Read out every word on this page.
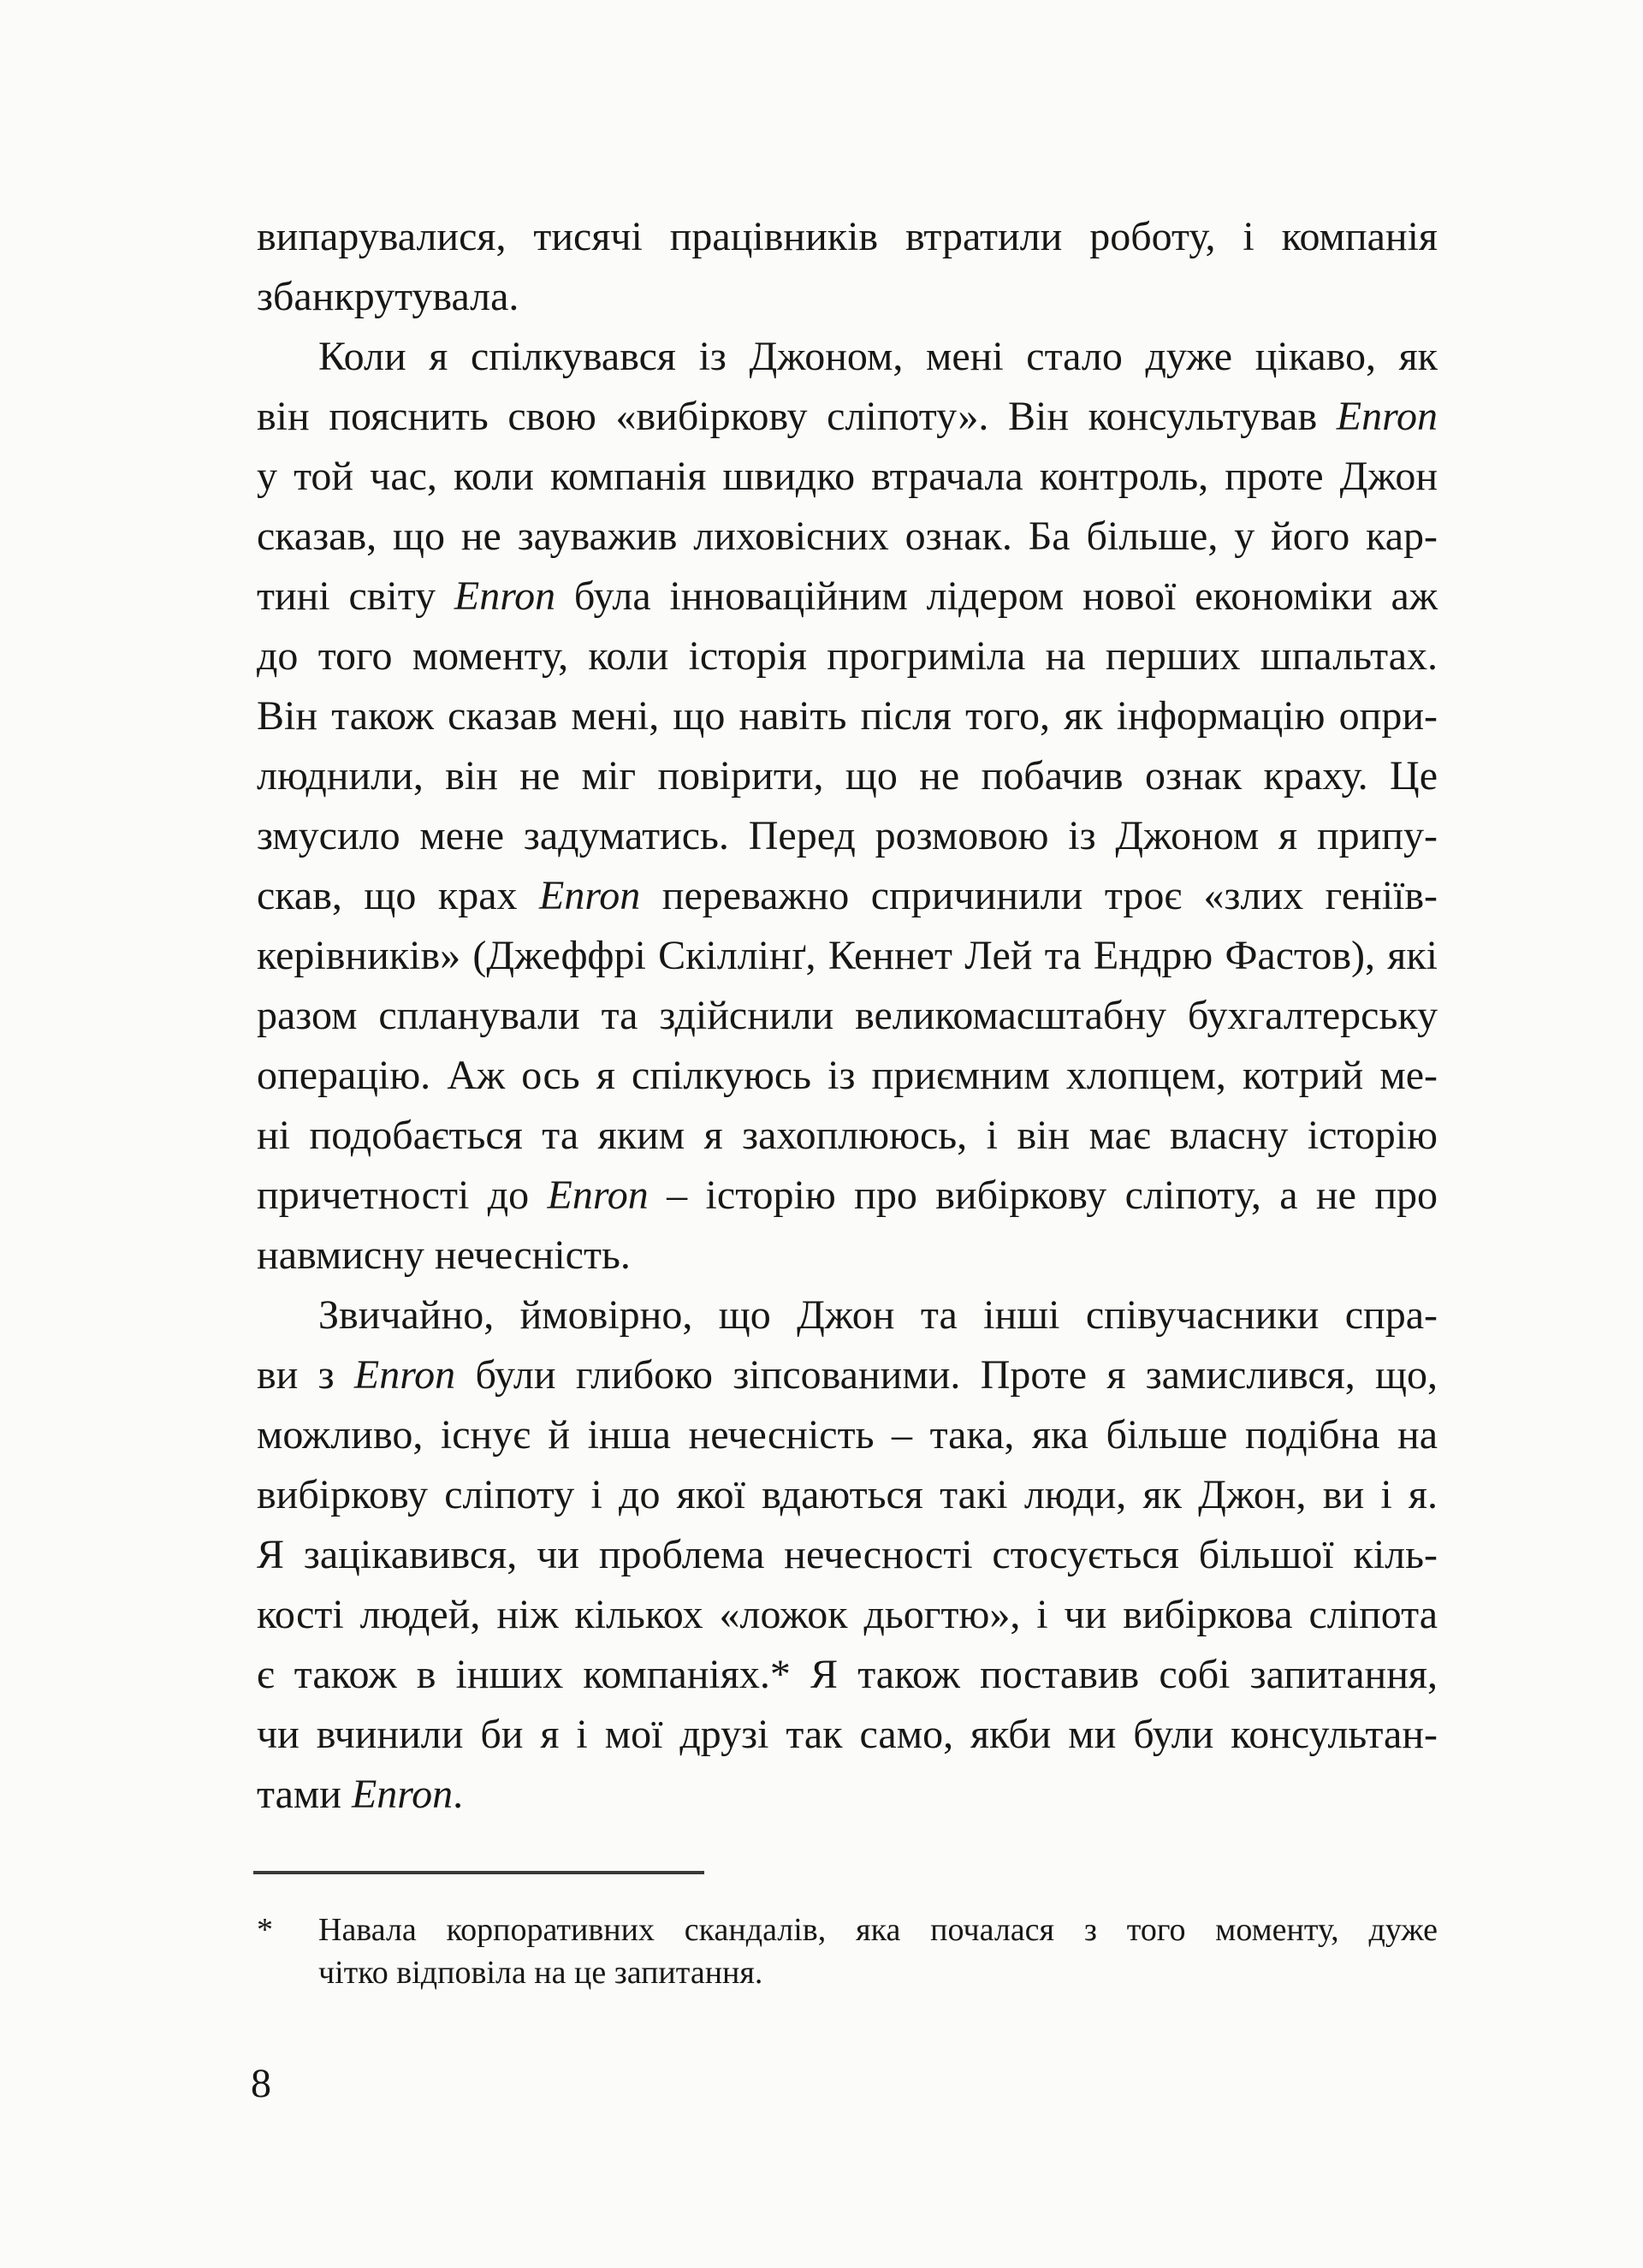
випарувалися, тисячі працівників втратили роботу, і компанія
збанкрутувала.
Коли я спілкувався із Джоном, мені стало дуже цікаво, як
він пояснить свою «вибіркову сліпоту». Він консультував Enron
у той час, коли компанія швидко втрачала контроль, проте Джон
сказав, що не зауважив лиховісних ознак. Ба більше, у його кар-
тині світу Enron була інноваційним лідером нової економіки аж
до того моменту, коли історія прогриміла на перших шпальтах.
Він також сказав мені, що навіть після того, як інформацію опри-
люднили, він не міг повірити, що не побачив ознак краху. Це
змусило мене задуматись. Перед розмовою із Джоном я припу-
скав, що крах Enron переважно спричинили троє «злих геніїв-
керівників» (Джеффрі Скіллінґ, Кеннет Лей та Ендрю Фастов), які
разом спланували та здійснили великомасштабну бухгалтерську
операцію. Аж ось я спілкуюсь із приємним хлопцем, котрий ме-
ні подобається та яким я захоплююсь, і він має власну історію
причетності до Enron – історію про вибіркову сліпоту, а не про
навмисну нечесність.
Звичайно, ймовірно, що Джон та інші співучасники спра-
ви з Enron були глибоко зіпсованими. Проте я замислився, що,
можливо, існує й інша нечесність – така, яка більше подібна на
вибіркову сліпоту і до якої вдаються такі люди, як Джон, ви і я.
Я зацікавився, чи проблема нечесності стосується більшої кіль-
кості людей, ніж кількох «ложок дьогтю», і чи вибіркова сліпота
є також в інших компаніях.* Я також поставив собі запитання,
чи вчинили би я і мої друзі так само, якби ми були консультан-
тами Enron.
* Навала корпоративних скандалів, яка почалася з того моменту, дуже
чітко відповіла на це запитання.
8
